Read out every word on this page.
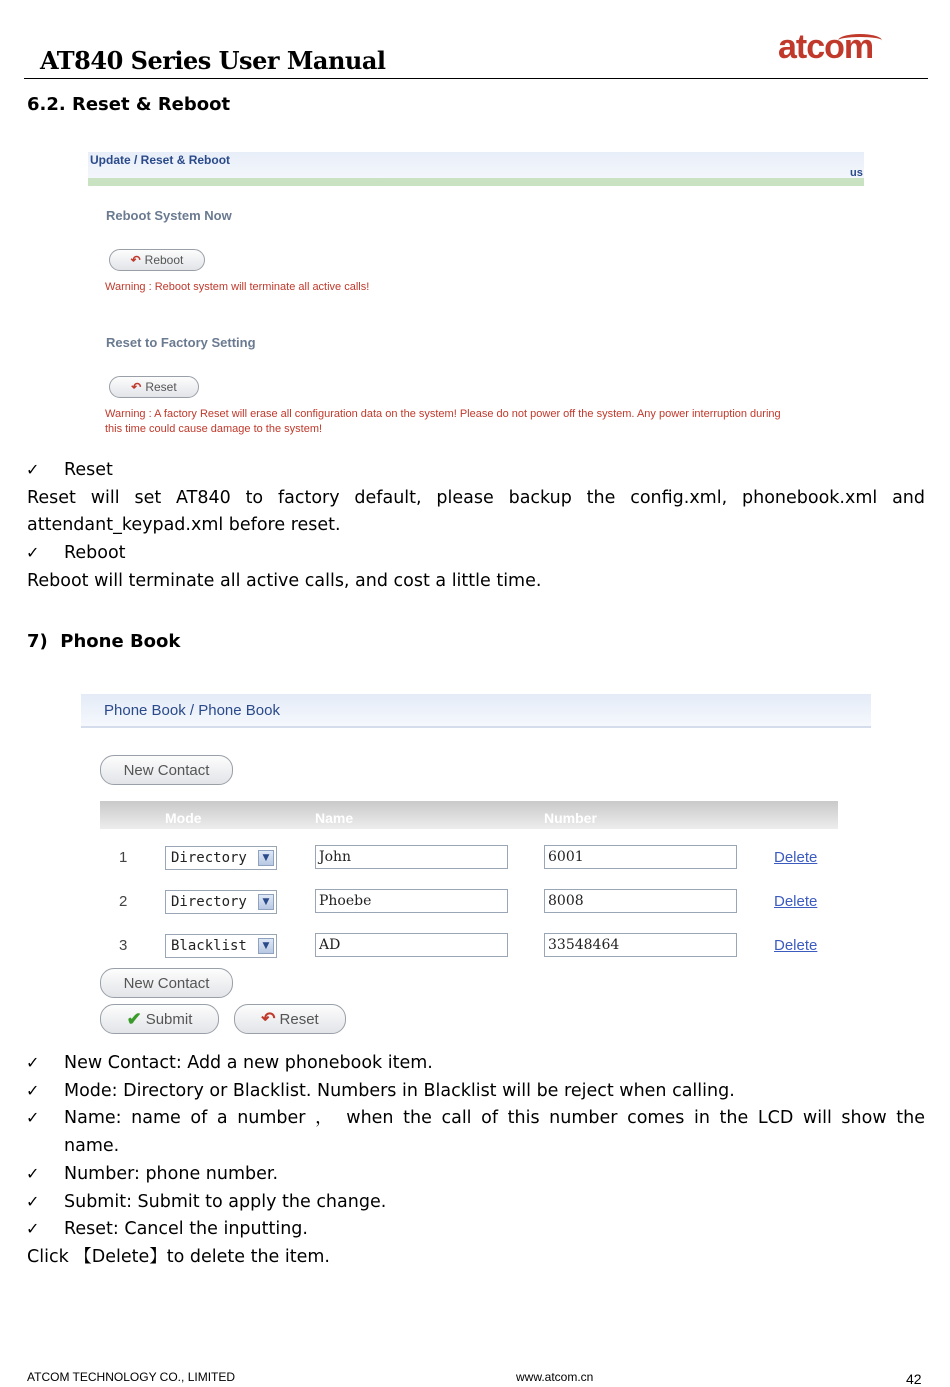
AT840 Series User Manual	atcom
6.2. Reset & Reboot
Update / Reset & Reboot
us
Reboot System Now
↶ Reboot
Warning : Reboot system will terminate all active calls!
Reset to Factory Setting
↶ Reset
Warning : A factory Reset will erase all configuration data on the system! Please do not power off the system. Any power interruption during
this time could cause damage to the system!
✓ Reset
Reset will set AT840 to factory default, please backup the config.xml, phonebook.xml and
attendant_keypad.xml before reset.
✓ Reboot
Reboot will terminate all active calls, and cost a little time.
7)  Phone Book
Phone Book / Phone Book
New Contact
Mode	Name	Number
1	Directory	▼	John	6001	Delete
2	Directory	▼	Phoebe	8008	Delete
3	Blacklist	▼	AD	33548464	Delete
New Contact
✔ Submit	↶ Reset
✓ New Contact: Add a new phonebook item.
✓ Mode: Directory or Blacklist. Numbers in Blacklist will be reject when calling.
✓ Name: name of a number ， when the call of this number comes in the LCD will show the
name.
✓ Number: phone number.
✓ Submit: Submit to apply the change.
✓ Reset: Cancel the inputting.
Click 【Delete】to delete the item.
ATCOM TECHNOLOGY CO., LIMITED	www.atcom.cn	42
